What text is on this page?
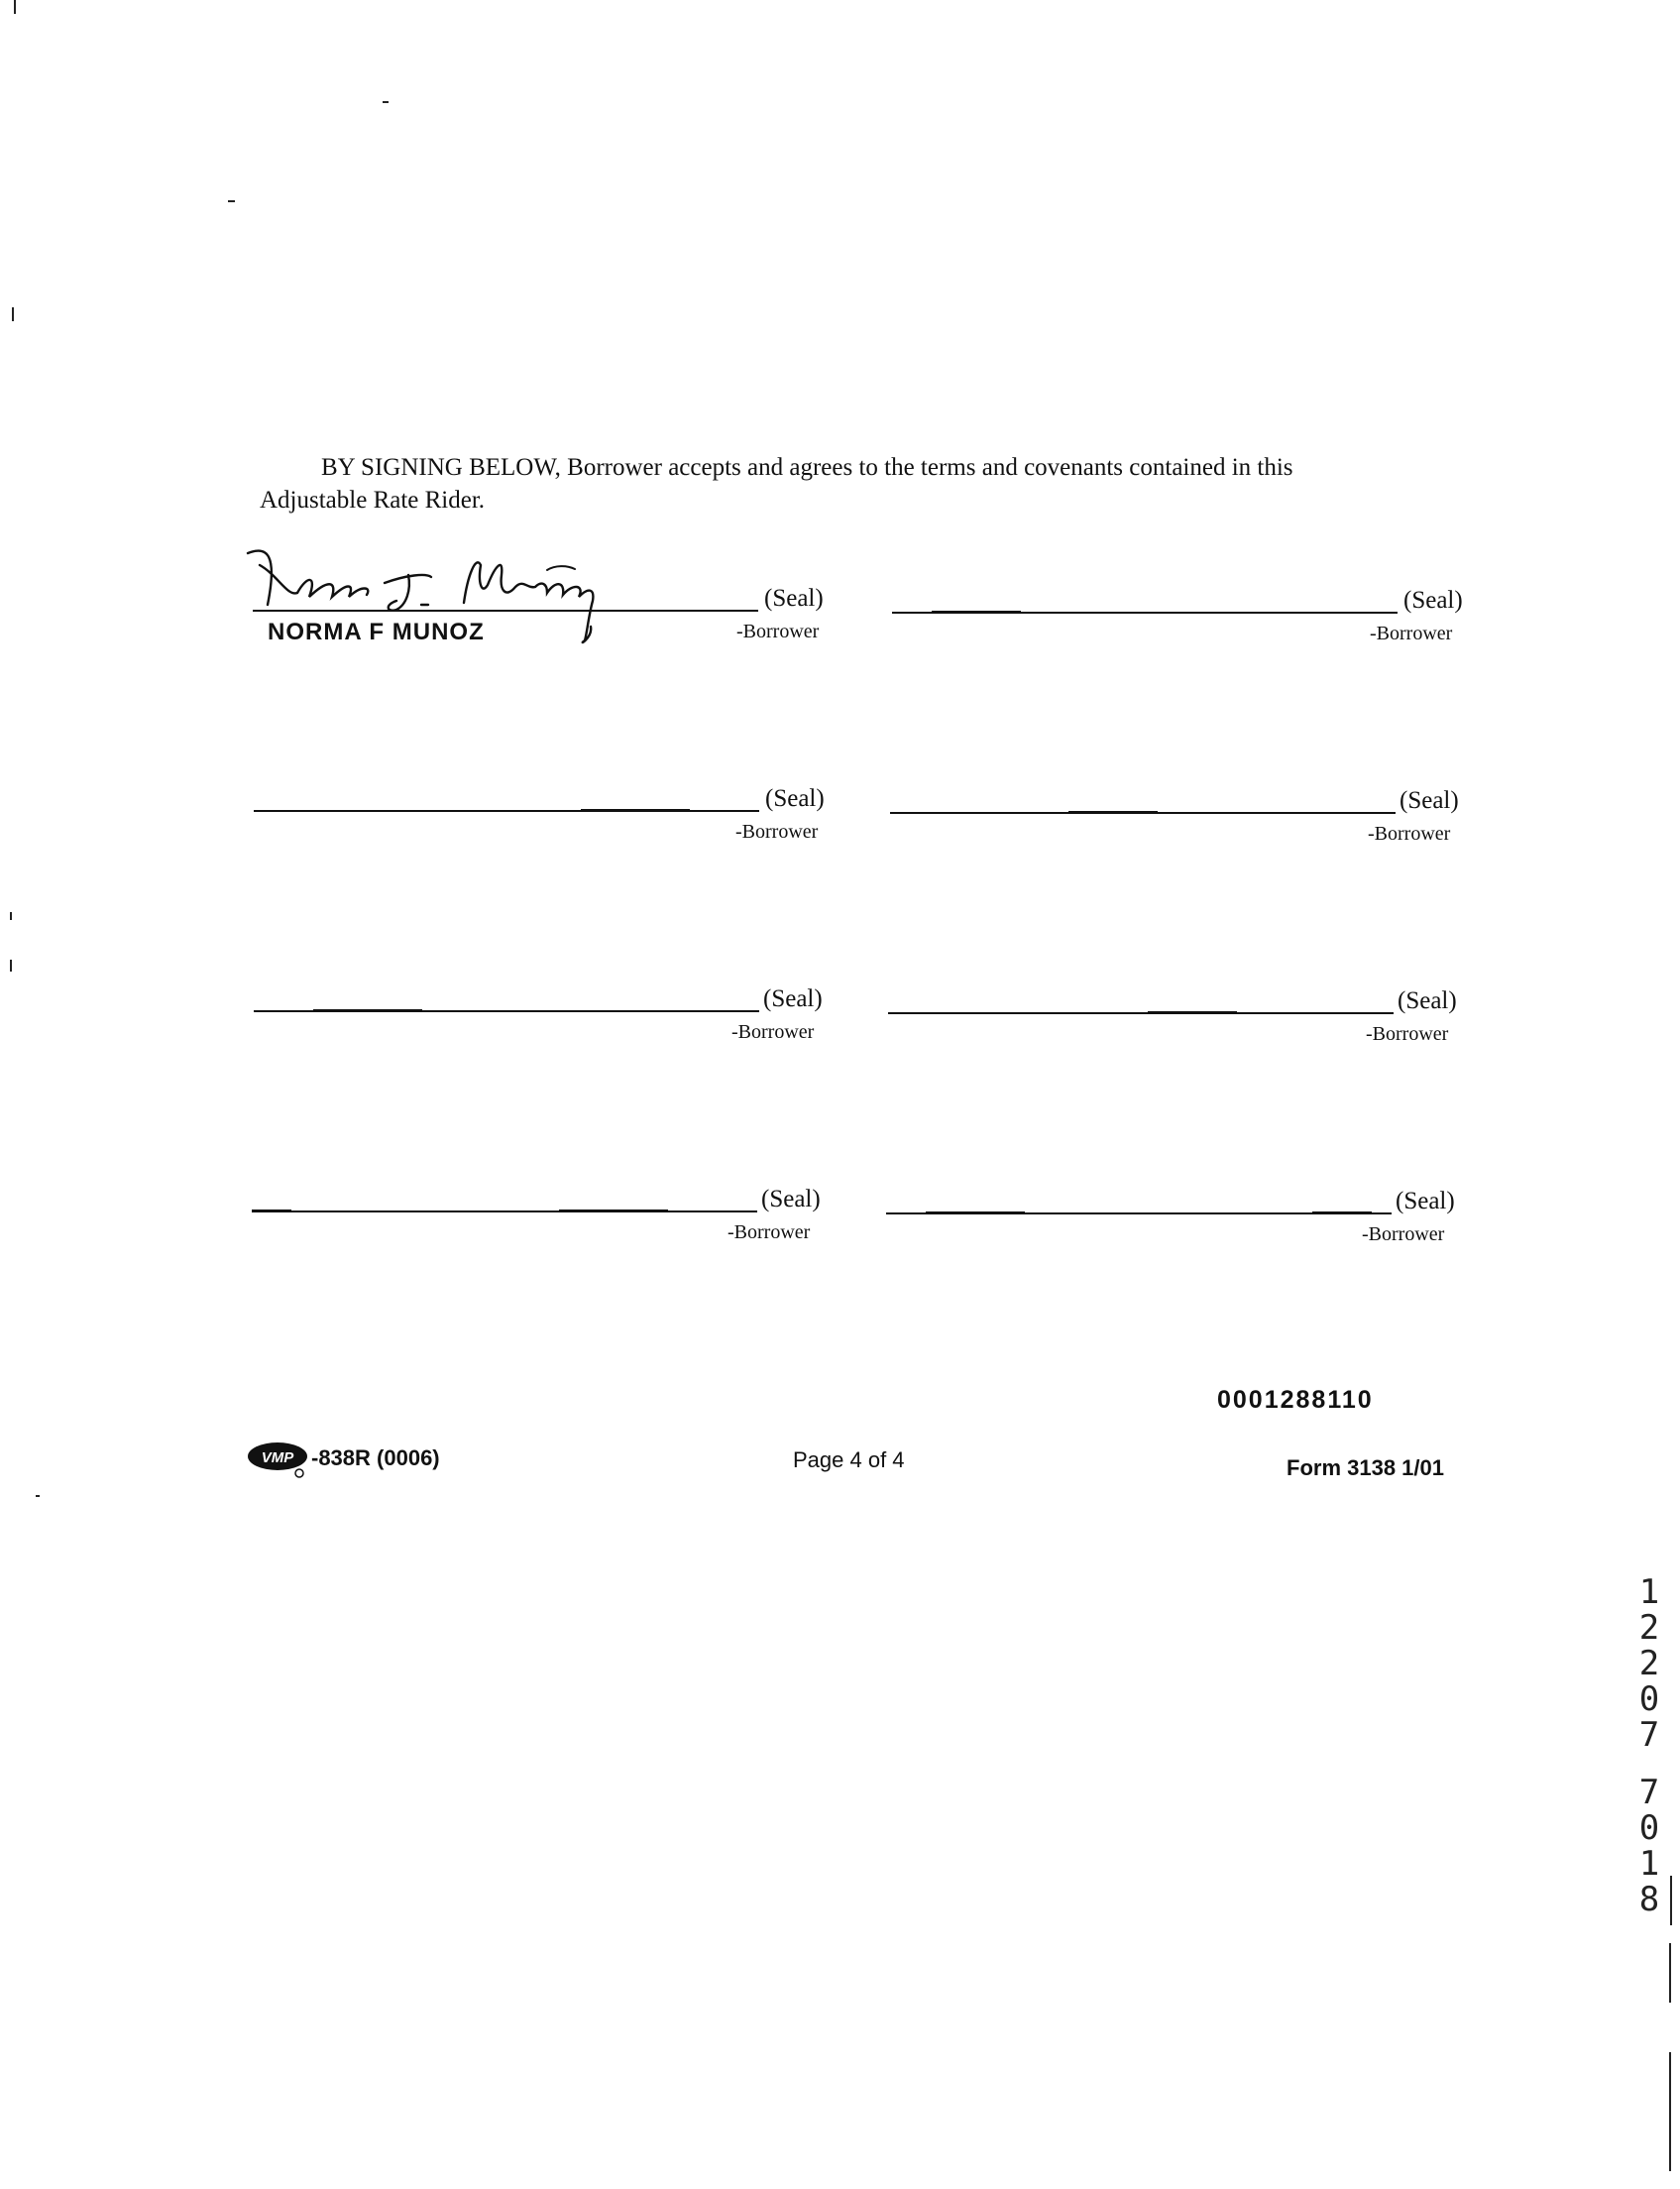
BY SIGNING BELOW, Borrower accepts and agrees to the terms and covenants contained in this
Adjustable Rate Rider.
NORMA F MUNOZ
(Seal)
-Borrower
(Seal)
-Borrower
(Seal)
-Borrower
(Seal)
-Borrower
(Seal)
-Borrower
(Seal)
-Borrower
(Seal)
-Borrower
(Seal)
-Borrower
0001288110
VMP -838R (0006)	Page 4 of 4	Form 3138 1/01
1
2
2
0
7
7
0
1
8
